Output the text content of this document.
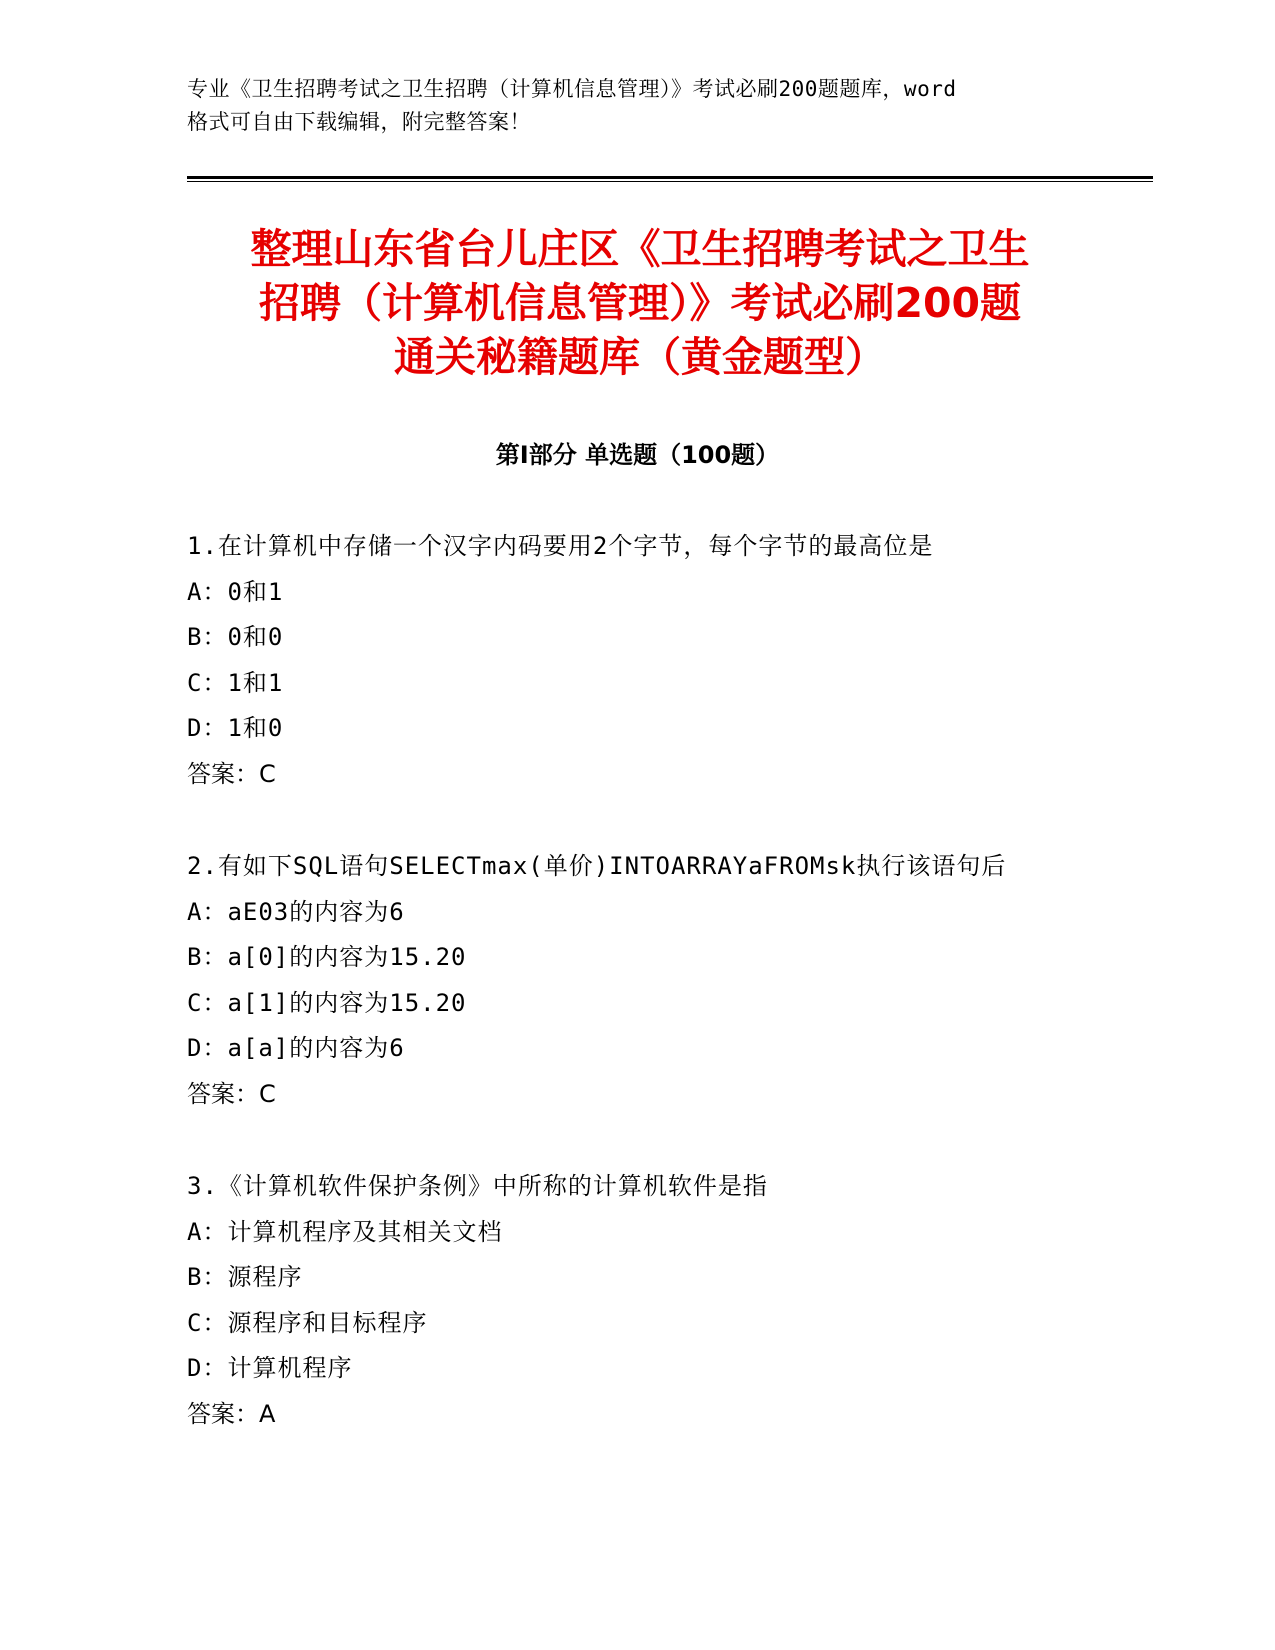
专业《卫生招聘考试之卫生招聘（计算机信息管理）》考试必刷200题题库，word
格式可自由下载编辑，附完整答案！
整理山东省台儿庄区《卫生招聘考试之卫生
招聘（计算机信息管理）》考试必刷200题
通关秘籍题库（黄金题型）
第Ⅰ部分 单选题（100题）
1.在计算机中存储一个汉字内码要用2个字节，每个字节的最高位是
A：0和1
B：0和0
C：1和1
D：1和0
答案：C
2.有如下SQL语句SELECTmax(单价)INTOARRAYaFROMsk执行该语句后
A：aE03的内容为6
B：a[0]的内容为15.20
C：a[1]的内容为15.20
D：a[a]的内容为6
答案：C
3.《计算机软件保护条例》中所称的计算机软件是指
A：计算机程序及其相关文档
B：源程序
C：源程序和目标程序
D：计算机程序
答案：A
